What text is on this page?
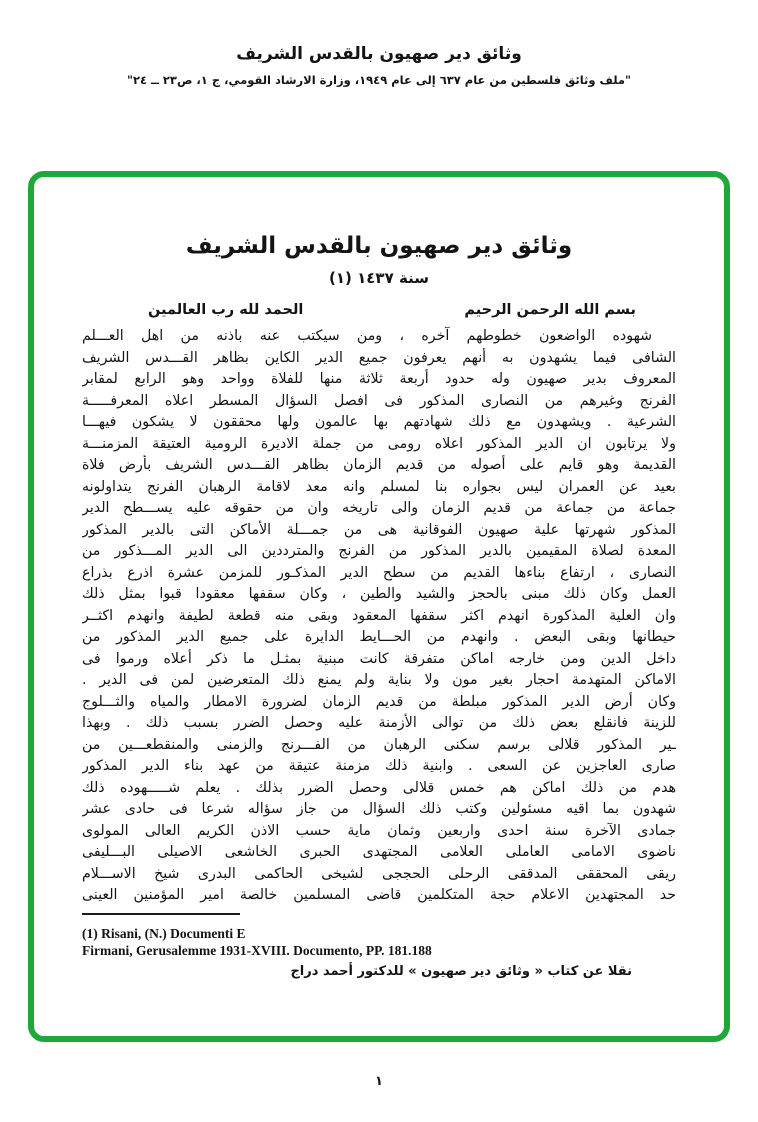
وثائق دير صهيون بالقدس الشريف
"ملف وثائق فلسطين من عام ٦٣٧ إلى عام ١٩٤٩، وزارة الارشاد القومي، ج ١، ص٢٣ ــ ٢٤"
وثائق دير صهيون بالقدس الشريف
سنة ١٤٣٧ (١)
بسم الله الرحمن الرحيم
الحمد لله رب العالمين
شهوده الواضعون خطوطهم آخره ، ومن سيكتب عنه باذنه من اهل العـــلم
الشافى فيما يشهدون به أنهم يعرفون جميع الدير الكاين بظاهر القـــدس الشريف
المعروف بدير صهيون وله حدود أربعة ثلاثة منها للفلاة وواحد وهو الرابع لمقابر
الفرنج وغيرهم من النصارى المذكور فى افصل السؤال المسطر اعلاه المعرفـــــة
الشرعية . ويشهدون مع ذلك شهادتهم بها عالمون ولها محققون لا يشكون فيهـــا
ولا يرتابون ان الدير المذكور اعلاه رومى من جملة الاديرة الرومية العتيقة المزمنـــة
القديمة وهو قايم على أصوله من قديم الزمان بظاهر القـــدس الشريف بأرض فلاة
بعيد عن العمران ليس بجواره بنا لمسلم وانه معد لاقامة الرهبان الفرنج يتداولونه
جماعة من جماعة من قديم الزمان والى تاريخه وان من حقوقه عليه يســـطح الدير
المذكور شهرتها علية صهيون الفوقانية هى من جمـــلة الأماكن التى بالدير المذكور
المعدة لصلاة المقيمين بالدير المذكور من الفرنج والمترددين الى الدير المـــذكور من
النصارى ، ارتفاع بناءها القديم من سطح الدير المذكـور للمزمن عشرة اذرع بذراع
العمل وكان ذلك مبنى بالحجز والشيد والطين ، وكان سقفها معقودا قبوا بمثل ذلك
وان العلية المذكورة انهدم اكثر سقفها المعقود وبقى منه قطعة لطيفة وانهدم اكثــر
حيطانها وبقى البعض . وانهدم من الحـــايط الدايرة على جميع الدير المذكور من
داخل الدين ومن خارجه اماكن متفرقة كانت مبنية بمثـل ما ذكر أعلاه ورموا فى
الاماكن المتهدمة احجار بغير مون ولا بناية ولم يمنع ذلك المتعرضين لمن فى الدير .
وكان أرض الدير المذكور مبلطة من قديم الزمان لضرورة الامطار والمياه والثـــلوج
للزينة فانقلع بعض ذلك من توالى الأزمنة عليه وحصل الضرر بسبب ذلك . وبهذا
ـير المذكور قلالى برسم سكنى الرهبان من الفـــرنج والزمنى والمنقطعـــين من
صارى العاجزين عن السعى . وابنية ذلك مزمنة عتيقة من عهد بناء الدير المذكور
هدم من ذلك اماكن هم خمس قلالى وحصل الضرر بذلك . يعلم شـــــهوده ذلك
شهدون بما اقيه مسئولين وكتب ذلك السؤال من جاز سؤاله شرعا فى حادى عشر
جمادى الآخرة سنة احدى واربعين وثمان ماية حسب الاذن الكريم العالى المولوى
ناضوى الامامى العاملى العلامى المجتهدى الحبرى الخاشعى الاصيلى البـــليفى
ريقى المحققى المدققى الرحلى الحججى لشيخى الحاكمى البدرى شيخ الاســـلام
حد المجتهدين الاعلام حجة المتكلمين قاضى المسلمين خالصة امير المؤمنين العينى
(1) Risani, (N.) Documenti E
Firmani, Gerusalemme 1931-XVIII. Documento, PP. 181.188
نقلا عن كتاب « وثائق دير صهيون » للدكتور أحمد دراج
١
